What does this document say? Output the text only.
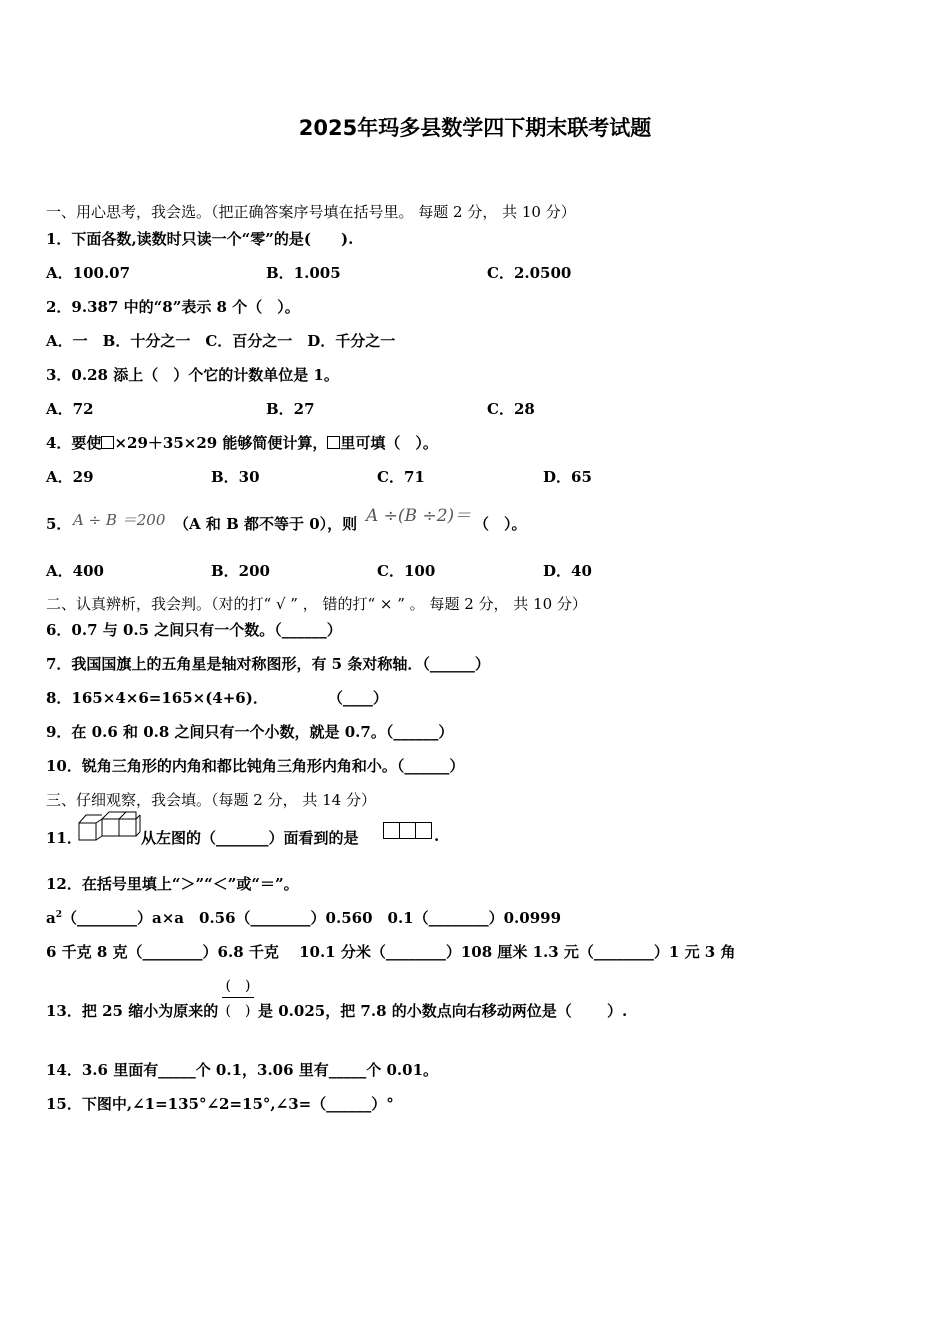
2025年玛多县数学四下期末联考试题
一、用心思考，我会选。（把正确答案序号填在括号里。 每题 2 分， 共 10 分）
1．下面各数,读数时只读一个“零”的是(　　).
A．100.07	B．1.005	C．2.0500
2．9.387 中的“8”表示 8 个（　）。
A．一　B．十分之一　C．百分之一　D．千分之一
3．0.28 添上（　）个它的计数单位是 1。
A．72	B．27	C．28
4．要使 ×29＋35×29 能够简便计算， 里可填（　）。
A．29	B．30	C．71	D．65
5． A ÷ B ＝200 （A 和 B 都不等于 0），则 A ÷(B ÷2)＝ （　）。
A．400	B．200	C．100	D．40
二、认真辨析，我会判。（对的打“ √ ” ， 错的打“ × ” 。 每题 2 分， 共 10 分）
6．0.7 与 0.5 之间只有一个数。（______）
7．我国国旗上的五角星是轴对称图形，有 5 条对称轴．（______）
8．165×4×6=165×(4+6)．　　　　　（____）
9．在 0.6 和 0.8 之间只有一个小数，就是 0.7。（______）
10．锐角三角形的内角和都比钝角三角形内角和小。（______）
三、仔细观察，我会填。（每题 2 分， 共 14 分）
11．	从左图的（_______）面看到的是	.
12．在括号里填上“＞”“＜”或“＝”。
$a^2(\_\_\_\_\_\_\_\_)a\times a$　0.56（________）0.560　0.1（________）0.0999
6 千克 8 克（________）6.8 千克　 10.1 分米（________）108 厘米 1.3 元（________）1 元 3 角
(　)
(　)
13．把 25 缩小为原来的	是 0.025，把 7.8 的小数点向右移动两位是（　　 ）.
14．3.6 里面有_____个 0.1，3.06 里有_____个 0.01。
15．下图中,∠1=135°∠2=15°,∠3=（______）°
